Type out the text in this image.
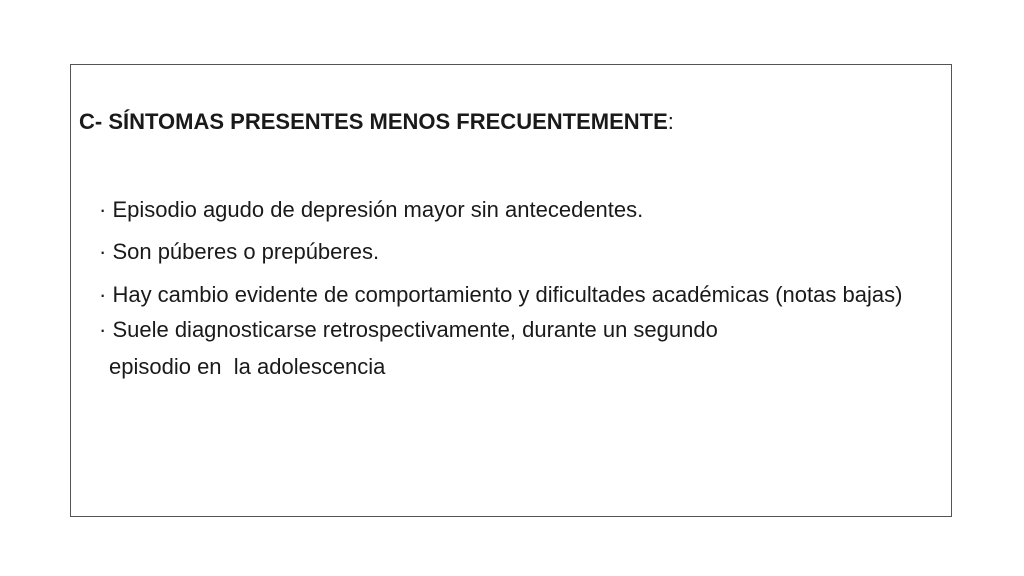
C- SÍNTOMAS PRESENTES MENOS FRECUENTEMENTE:
· Episodio agudo de depresión mayor sin antecedentes.
· Son púberes o prepúberes.
· Hay cambio evidente de comportamiento y dificultades académicas (notas bajas)
· Suele diagnosticarse retrospectivamente, durante un segundo
episodio en  la adolescencia
